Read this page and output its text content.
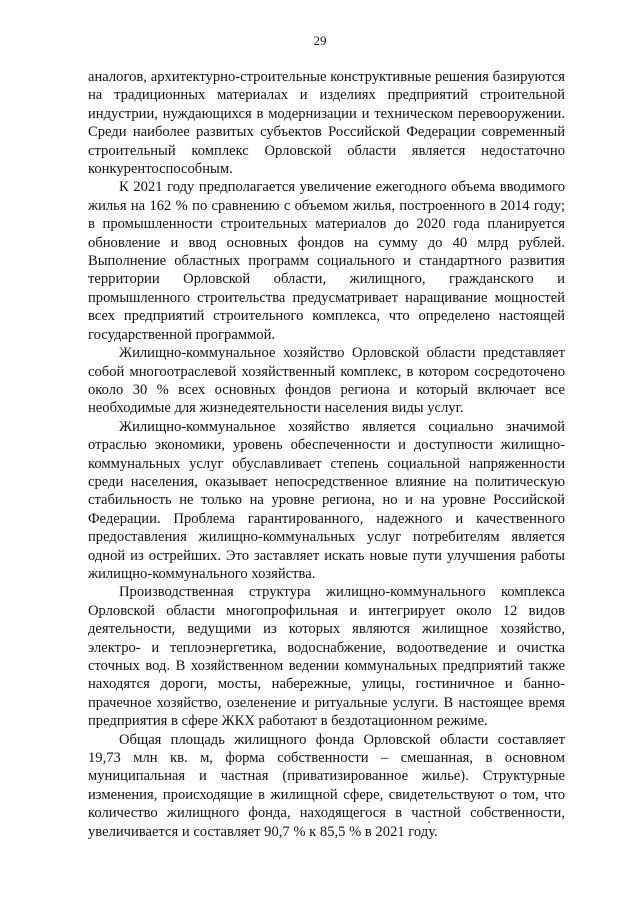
29

аналогов, архитектурно-строительные конструктивные решения базируются на традиционных материалах и изделиях предприятий строительной индустрии, нуждающихся в модернизации и техническом перевооружении. Среди наиболее развитых субъектов Российской Федерации современный строительный комплекс Орловской области является недостаточно конкурентоспособным.

К 2021 году предполагается увеличение ежегодного объема вводимого жилья на 162 % по сравнению с объемом жилья, построенного в 2014 году; в промышленности строительных материалов до 2020 года планируется обновление и ввод основных фондов на сумму до 40 млрд рублей. Выполнение областных программ социального и стандартного развития территории Орловской области, жилищного, гражданского и промышленного строительства предусматривает наращивание мощностей всех предприятий строительного комплекса, что определено настоящей государственной программой.

Жилищно-коммунальное хозяйство Орловской области представляет собой многоотраслевой хозяйственный комплекс, в котором сосредоточено около 30 % всех основных фондов региона и который включает все необходимые для жизнедеятельности населения виды услуг.

Жилищно-коммунальное хозяйство является социально значимой отраслью экономики, уровень обеспеченности и доступности жилищно-коммунальных услуг обуславливает степень социальной напряженности среди населения, оказывает непосредственное влияние на политическую стабильность не только на уровне региона, но и на уровне Российской Федерации. Проблема гарантированного, надежного и качественного предоставления жилищно-коммунальных услуг потребителям является одной из острейших. Это заставляет искать новые пути улучшения работы жилищно-коммунального хозяйства.

Производственная структура жилищно-коммунального комплекса Орловской области многопрофильная и интегрирует около 12 видов деятельности, ведущими из которых являются жилищное хозяйство, электро- и теплоэнергетика, водоснабжение, водоотведение и очистка сточных вод. В хозяйственном ведении коммунальных предприятий также находятся дороги, мосты, набережные, улицы, гостиничное и банно-прачечное хозяйство, озеленение и ритуальные услуги. В настоящее время предприятия в сфере ЖКХ работают в бездотационном режиме.

Общая площадь жилищного фонда Орловской области составляет 19,73 млн кв. м, форма собственности – смешанная, в основном муниципальная и частная (приватизированное жилье). Структурные изменения, происходящие в жилищной сфере, свидетельствуют о том, что количество жилищного фонда, находящегося в частной собственности, увеличивается и составляет 90,7 % к 85,5 % в 2021 году.
